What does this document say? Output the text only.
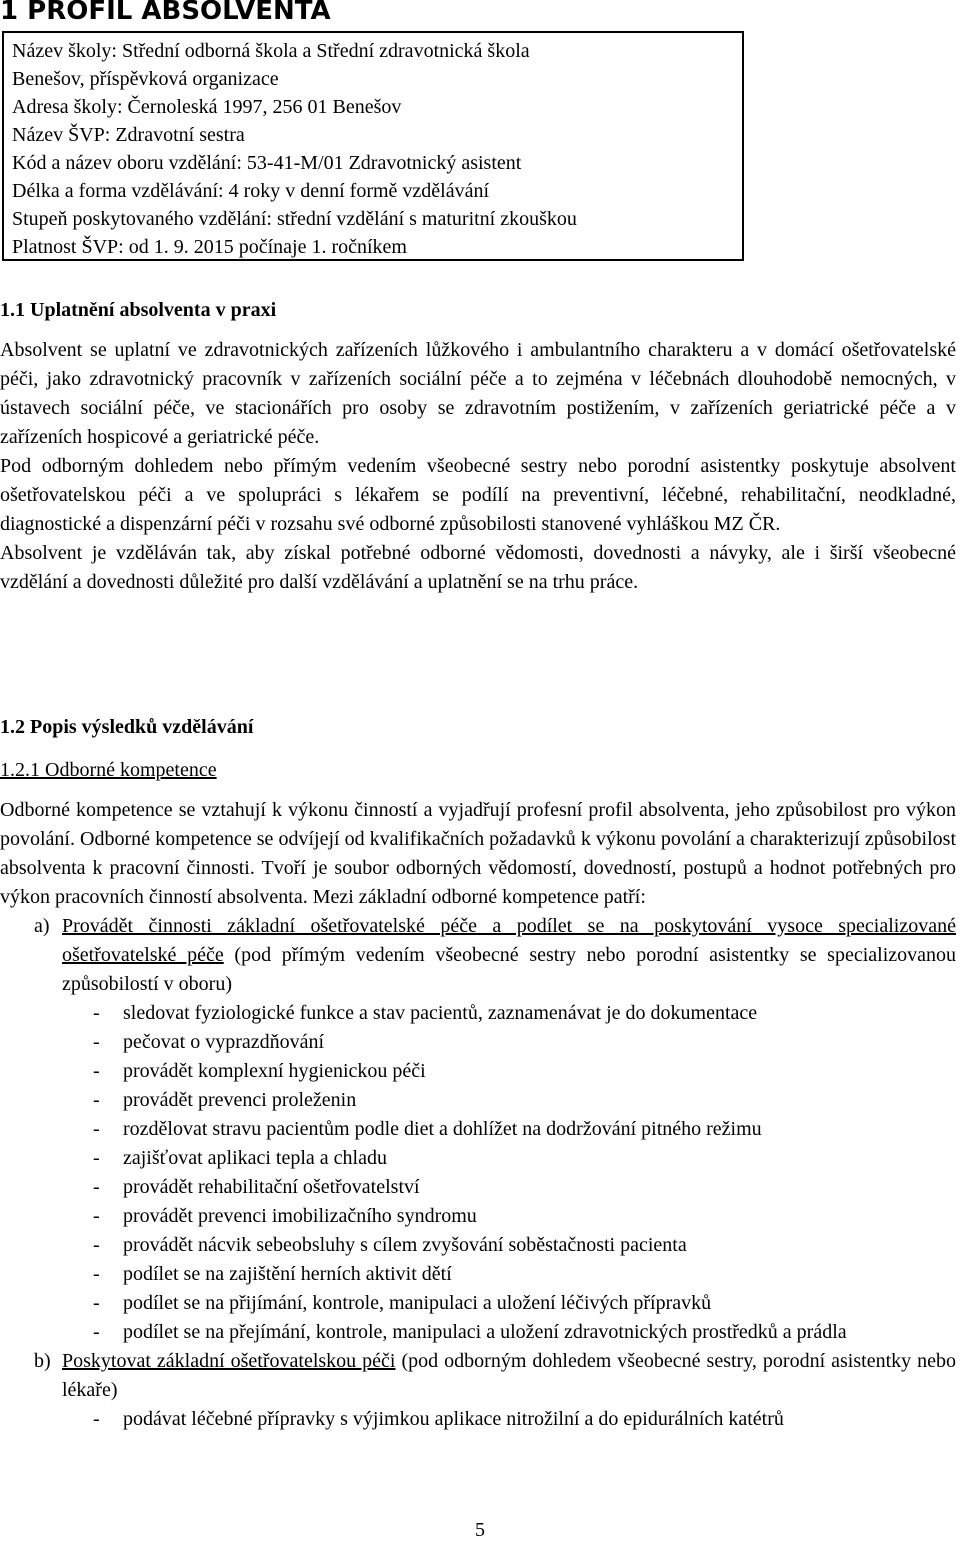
1 PROFIL ABSOLVENTA
Název školy: Střední odborná škola a Střední zdravotnická škola
Benešov, příspěvková organizace
Adresa školy: Černoleská 1997, 256 01 Benešov
Název ŠVP: Zdravotní sestra
Kód a název oboru vzdělání: 53-41-M/01 Zdravotnický asistent
Délka a forma vzdělávání: 4 roky v denní formě vzdělávání
Stupeň poskytovaného vzdělání: střední vzdělání s maturitní zkouškou
Platnost ŠVP: od 1. 9. 2015 počínaje 1. ročníkem
1.1 Uplatnění absolventa v praxi

Absolvent se uplatní ve zdravotnických zařízeních lůžkového i ambulantního charakteru a v domácí ošetřovatelské péči, jako zdravotnický pracovník v zařízeních sociální péče a to zejména v léčebnách dlouhodobě nemocných, v ústavech sociální péče, ve stacionářích pro osoby se zdravotním postižením, v zařízeních geriatrické péče a v zařízeních hospicové a geriatrické péče.

Pod odborným dohledem nebo přímým vedením všeobecné sestry nebo porodní asistentky poskytuje absolvent ošetřovatelskou péči a ve spolupráci s lékařem se podílí na preventivní, léčebné, rehabilitační, neodkladné, diagnostické a dispenzární péči v rozsahu své odborné způsobilosti stanovené vyhláškou MZ ČR.

Absolvent je vzděláván tak, aby získal potřebné odborné vědomosti, dovednosti a návyky, ale i širší všeobecné vzdělání a dovednosti důležité pro další vzdělávání a uplatnění se na trhu práce.

1.2 Popis výsledků vzdělávání
1.2.1 Odborné kompetence

Odborné kompetence se vztahují k výkonu činností a vyjadřují profesní profil absolventa, jeho způsobilost pro výkon povolání. Odborné kompetence se odvíjejí od kvalifikačních požadavků k výkonu povolání a charakterizují způsobilost absolventa k pracovní činnosti. Tvoří je soubor odborných vědomostí, dovedností, postupů a hodnot potřebných pro výkon pracovních činností absolventa. Mezi základní odborné kompetence patří:

a) Provádět činnosti základní ošetřovatelské péče a podílet se na poskytování vysoce specializované ošetřovatelské péče (pod přímým vedením všeobecné sestry nebo porodní asistentky se specializovanou způsobilostí v oboru)
-	sledovat fyziologické funkce a stav pacientů, zaznamenávat je do dokumentace
-	pečovat o vyprazdňování
-	provádět komplexní hygienickou péči
-	provádět prevenci proleženin
-	rozdělovat stravu pacientům podle diet a dohlížet na dodržování pitného režimu
-	zajišťovat aplikaci tepla a chladu
-	provádět rehabilitační ošetřovatelství
-	provádět prevenci imobilizačního syndromu
-	provádět nácvik sebeobsluhy s cílem zvyšování soběstačnosti pacienta
-	podílet se na zajištění herních aktivit dětí
-	podílet se na přijímání, kontrole, manipulaci a uložení léčivých přípravků
-	podílet se na přejímání, kontrole, manipulaci a uložení zdravotnických prostředků a prádla
b) Poskytovat základní ošetřovatelskou péči (pod odborným dohledem všeobecné sestry, porodní asistentky nebo lékaře)
-	podávat léčebné přípravky s výjimkou aplikace nitrožilní a do epidurálních katétrů
5
